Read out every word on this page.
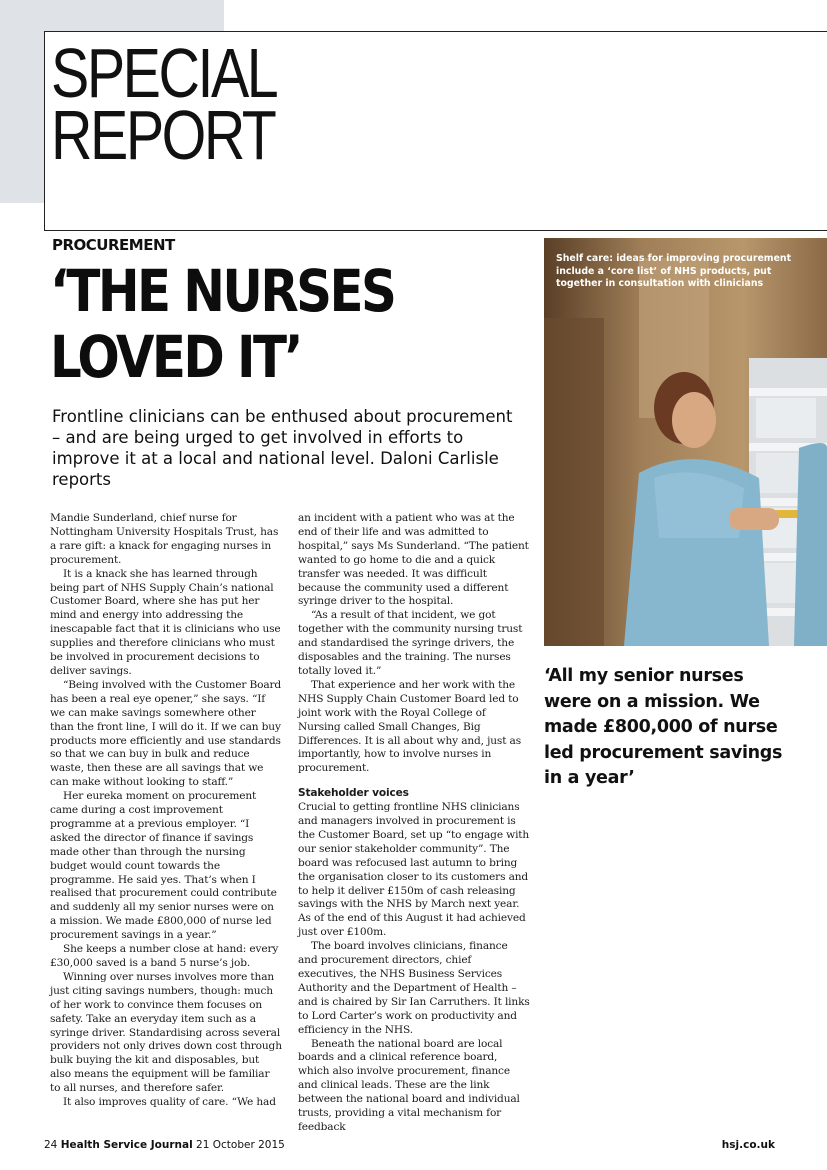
SPECIAL
REPORT
PROCUREMENT
‘THE NURSES
LOVED IT’
Frontline clinicians can be enthused about procurement – and are being urged to get involved in efforts to improve it at a local and national level. Daloni Carlisle reports
Shelf care: ideas for improving procurement include a ‘core list’ of NHS products, put together in consultation with clinicians

Mandie Sunderland, chief nurse for Nottingham University Hospitals Trust, has a rare gift: a knack for engaging nurses in procurement.

It is a knack she has learned through being part of NHS Supply Chain’s national Customer Board, where she has put her mind and energy into addressing the inescapable fact that it is clinicians who use supplies and therefore clinicians who must be involved in procurement decisions to deliver savings.

“Being involved with the Customer Board has been a real eye opener,” she says. “If we can make savings somewhere other than the front line, I will do it. If we can buy products more efficiently and use standards so that we can buy in bulk and reduce waste, then these are all savings that we can make without looking to staff.”

Her eureka moment on procurement came during a cost improvement programme at a previous employer. “I asked the director of finance if savings made other than through the nursing budget would count towards the programme. He said yes. That’s when I realised that procurement could contribute and suddenly all my senior nurses were on a mission. We made £800,000 of nurse led procurement savings in a year.”

She keeps a number close at hand: every £30,000 saved is a band 5 nurse’s job.

Winning over nurses involves more than just citing savings numbers, though: much of her work to convince them focuses on safety. Take an everyday item such as a syringe driver. Standardising across several providers not only drives down cost through bulk buying the kit and disposables, but also means the equipment will be familiar to all nurses, and therefore safer.

It also improves quality of care. “We had

an incident with a patient who was at the end of their life and was admitted to hospital,” says Ms Sunderland. “The patient wanted to go home to die and a quick transfer was needed. It was difficult because the community used a different syringe driver to the hospital.

“As a result of that incident, we got together with the community nursing trust and standardised the syringe drivers, the disposables and the training. The nurses totally loved it.”

That experience and her work with the NHS Supply Chain Customer Board led to joint work with the Royal College of Nursing called Small Changes, Big Differences. It is all about why and, just as importantly, how to involve nurses in procurement.

Stakeholder voices

Crucial to getting frontline NHS clinicians and managers involved in procurement is the Customer Board, set up “to engage with our senior stakeholder community”. The board was refocused last autumn to bring the organisation closer to its customers and to help it deliver £150m of cash releasing savings with the NHS by March next year. As of the end of this August it had achieved just over £100m.

The board involves clinicians, finance and procurement directors, chief executives, the NHS Business Services Authority and the Department of Health – and is chaired by Sir Ian Carruthers. It links to Lord Carter’s work on productivity and efficiency in the NHS.

Beneath the national board are local boards and a clinical reference board, which also involve procurement, finance and clinical leads. These are the link between the national board and individual trusts, providing a vital mechanism for feedback

‘All my senior nurses were on a mission. We made £800,000 of nurse led procurement savings in a year’
24 Health Service Journal 21 October 2015	hsj.co.uk
